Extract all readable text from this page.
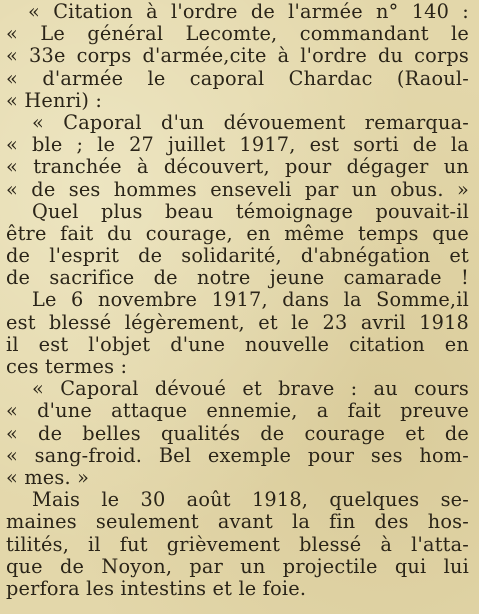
« Citation à l'ordre de l'armée n° 140 :
« Le général Lecomte, commandant le
« 33e corps d'armée,cite à l'ordre du corps
« d'armée le caporal Chardac (Raoul-
« Henri) :
« Caporal d'un dévouement remarqua-
« ble ; le 27 juillet 1917, est sorti de la
« tranchée à découvert, pour dégager un
« de ses hommes enseveli par un obus. »
Quel plus beau témoignage pouvait-il
être fait du courage, en même temps que
de l'esprit de solidarité, d'abnégation et
de sacrifice de notre jeune camarade !
Le 6 novembre 1917, dans la Somme,il
est blessé légèrement, et le 23 avril 1918
il est l'objet d'une nouvelle citation en
ces termes :
« Caporal dévoué et brave : au cours
« d'une attaque ennemie, a fait preuve
« de belles qualités de courage et de
« sang-froid. Bel exemple pour ses hom-
« mes. »
Mais le 30 août 1918, quelques se-
maines seulement avant la fin des hos-
tilités, il fut grièvement blessé à l'atta-
que de Noyon, par un projectile qui lui
perfora les intestins et le foie.
